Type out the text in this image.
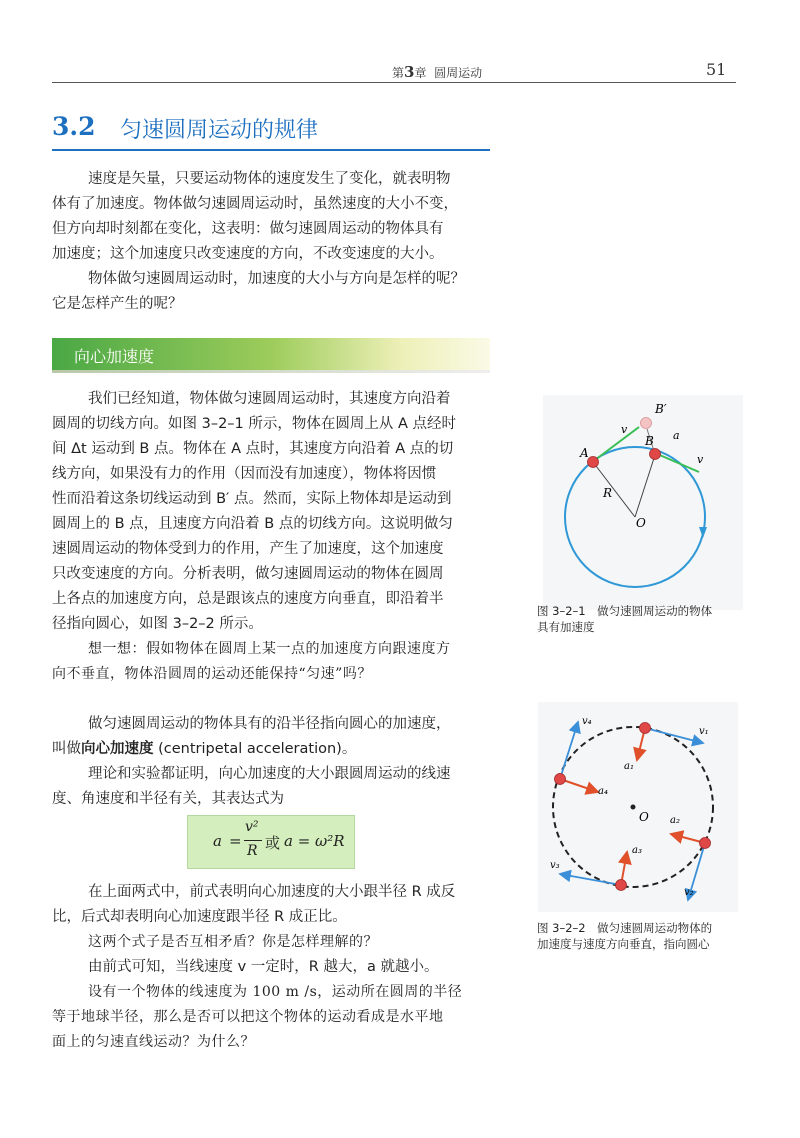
第3章 圆周运动	51
3.2 匀速圆周运动的规律
速度是矢量，只要运动物体的速度发生了变化，就表明物
体有了加速度。物体做匀速圆周运动时，虽然速度的大小不变，
但方向却时刻都在变化，这表明：做匀速圆周运动的物体具有
加速度；这个加速度只改变速度的方向，不改变速度的大小。
物体做匀速圆周运动时，加速度的大小与方向是怎样的呢？
它是怎样产生的呢？
向心加速度
我们已经知道，物体做匀速圆周运动时，其速度方向沿着
圆周的切线方向。如图 3–2–1 所示，物体在圆周上从 A 点经时
间 Δt 运动到 B 点。物体在 A 点时，其速度方向沿着 A 点的切
线方向，如果没有力的作用（因而没有加速度），物体将因惯
性而沿着这条切线运动到 B′ 点。然而，实际上物体却是运动到
圆周上的 B 点，且速度方向沿着 B 点的切线方向。这说明做匀
速圆周运动的物体受到力的作用，产生了加速度，这个加速度
只改变速度的方向。分析表明，做匀速圆周运动的物体在圆周
上各点的加速度方向，总是跟该点的速度方向垂直，即沿着半
径指向圆心，如图 3–2–2 所示。
想一想：假如物体在圆周上某一点的加速度方向跟速度方
向不垂直，物体沿圆周的运动还能保持“匀速”吗？
做匀速圆周运动的物体具有的沿半径指向圆心的加速度，
叫做向心加速度 (centripetal acceleration)。
理论和实验都证明，向心加速度的大小跟圆周运动的线速
度、角速度和半径有关，其表达式为
a =
v²
R 或 a = ω²R
在上面两式中，前式表明向心加速度的大小跟半径 R 成反
比，后式却表明向心加速度跟半径 R 成正比。
这两个式子是否互相矛盾？你是怎样理解的？
由前式可知，当线速度 v 一定时，R 越大，a 就越小。
设有一个物体的线速度为 100 m /s，运动所在圆周的半径
等于地球半径，那么是否可以把这个物体的运动看成是水平地
面上的匀速直线运动？为什么？
A
B
B′
R
O
a
v
v
图 3–2–1　做匀速圆周运动的物体
具有加速度
O
v₁
v₂
v₃
v₄
a₁
a₂
a₃
a₄
图 3–2–2　做匀速圆周运动物体的
加速度与速度方向垂直，指向圆心
